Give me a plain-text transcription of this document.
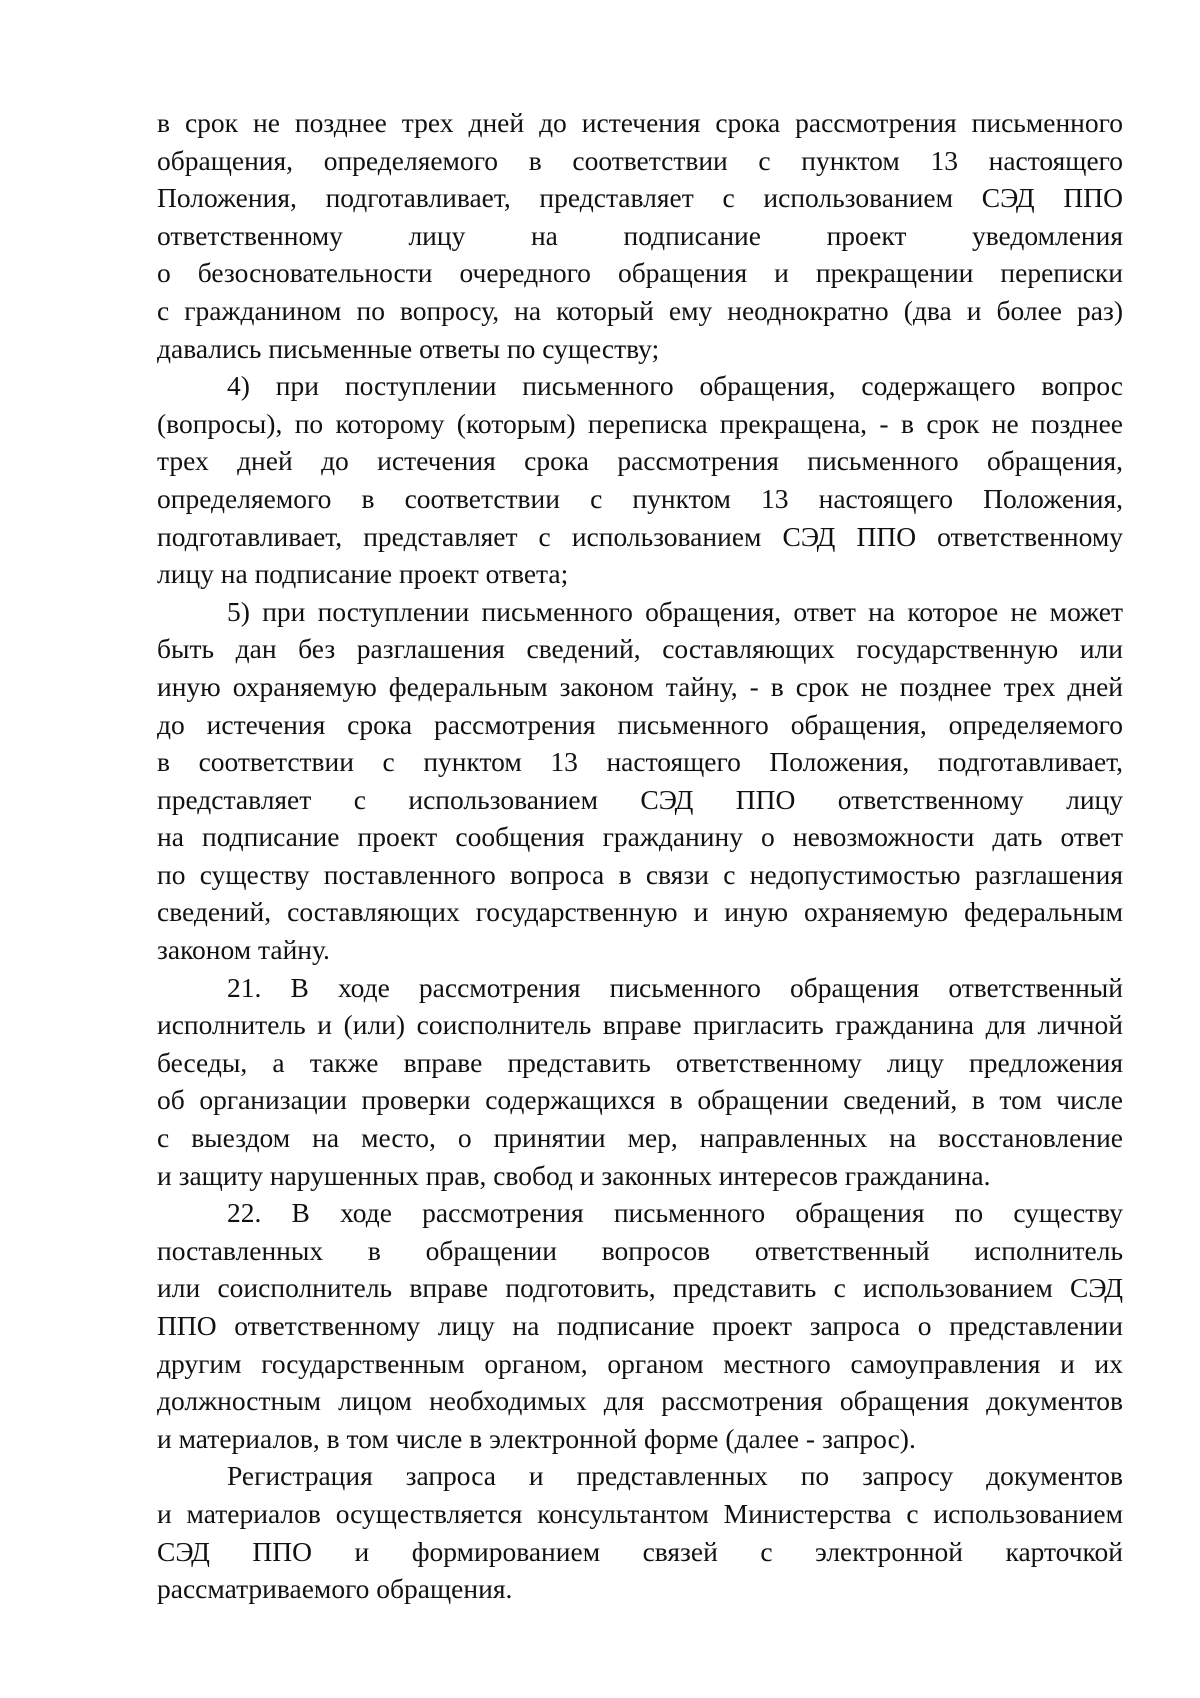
в срок не позднее трех дней до истечения срока рассмотрения письменного
обращения, определяемого в соответствии с пунктом 13 настоящего
Положения, подготавливает, представляет с использованием СЭД ППО
ответственному лицу на подписание проект уведомления
о безосновательности очередного обращения и прекращении переписки
с гражданином по вопросу, на который ему неоднократно (два и более раз)
давались письменные ответы по существу;
4) при поступлении письменного обращения, содержащего вопрос
(вопросы), по которому (которым) переписка прекращена, - в срок не позднее
трех дней до истечения срока рассмотрения письменного обращения,
определяемого в соответствии с пунктом 13 настоящего Положения,
подготавливает, представляет с использованием СЭД ППО ответственному
лицу на подписание проект ответа;
5) при поступлении письменного обращения, ответ на которое не может
быть дан без разглашения сведений, составляющих государственную или
иную охраняемую федеральным законом тайну, - в срок не позднее трех дней
до истечения срока рассмотрения письменного обращения, определяемого
в соответствии с пунктом 13 настоящего Положения, подготавливает,
представляет с использованием СЭД ППО ответственному лицу
на подписание проект сообщения гражданину о невозможности дать ответ
по существу поставленного вопроса в связи с недопустимостью разглашения
сведений, составляющих государственную и иную охраняемую федеральным
законом тайну.
21. В ходе рассмотрения письменного обращения ответственный
исполнитель и (или) соисполнитель вправе пригласить гражданина для личной
беседы, а также вправе представить ответственному лицу предложения
об организации проверки содержащихся в обращении сведений, в том числе
с выездом на место, о принятии мер, направленных на восстановление
и защиту нарушенных прав, свобод и законных интересов гражданина.
22. В ходе рассмотрения письменного обращения по существу
поставленных в обращении вопросов ответственный исполнитель
или соисполнитель вправе подготовить, представить с использованием СЭД
ППО ответственному лицу на подписание проект запроса о представлении
другим государственным органом, органом местного самоуправления и их
должностным лицом необходимых для рассмотрения обращения документов
и материалов, в том числе в электронной форме (далее - запрос).
Регистрация запроса и представленных по запросу документов
и материалов осуществляется консультантом Министерства с использованием
СЭД ППО и формированием связей с электронной карточкой
рассматриваемого обращения.
